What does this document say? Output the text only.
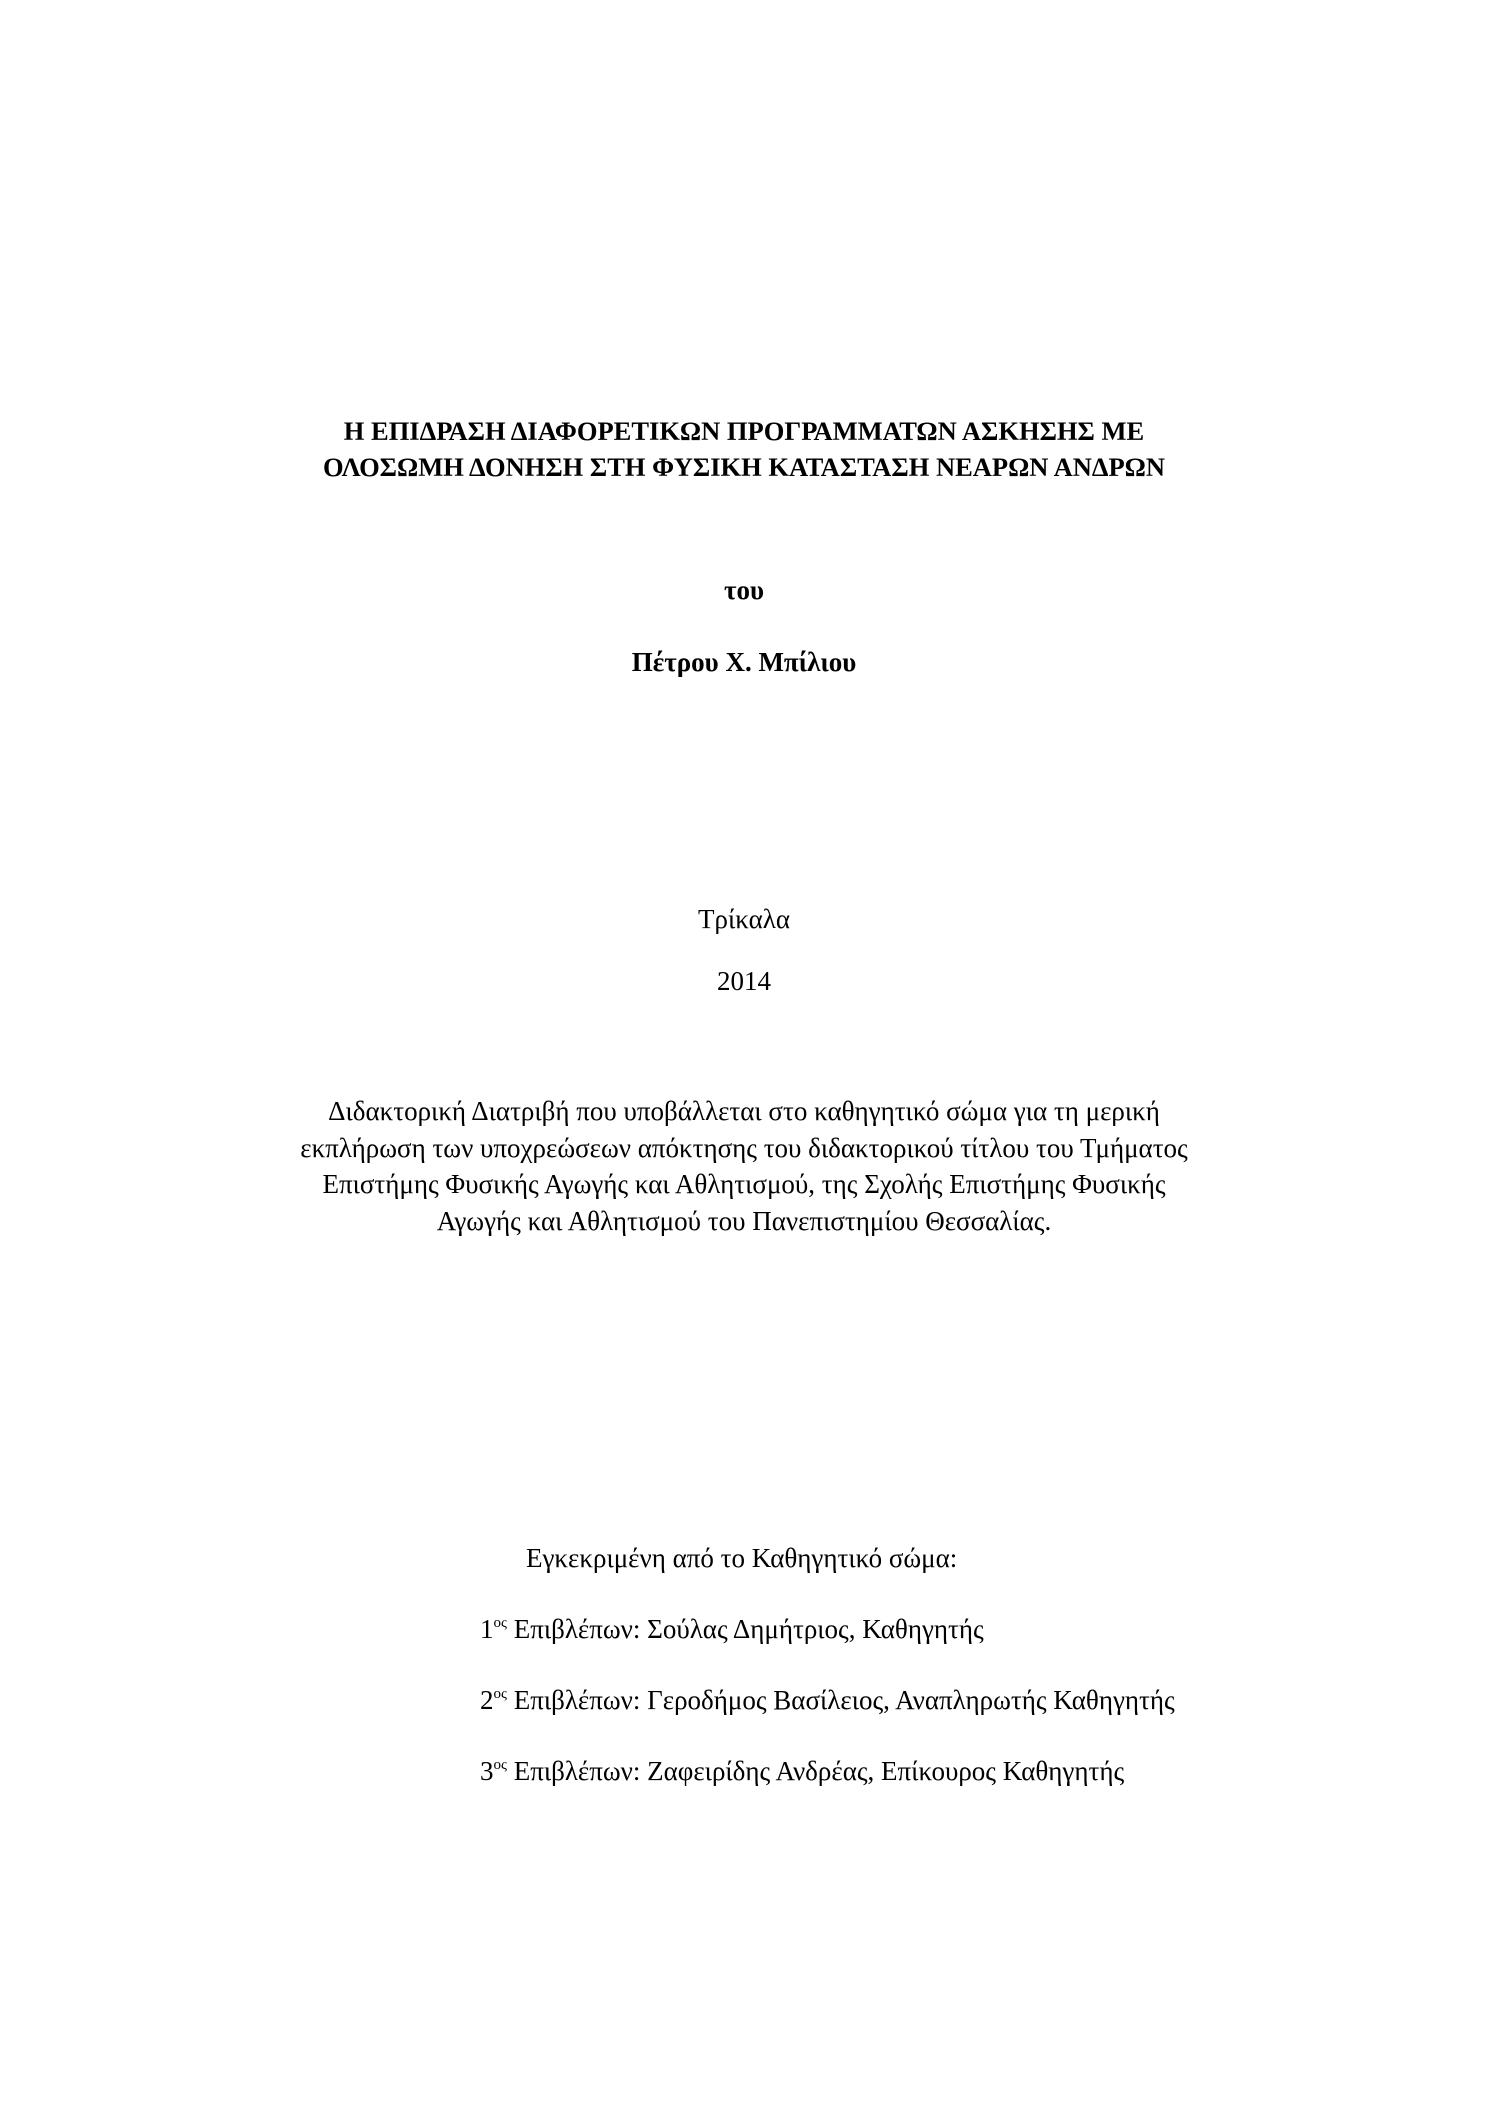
Η ΕΠΙΔΡΑΣΗ ΔΙΑΦΟΡΕΤΙΚΩΝ ΠΡΟΓΡΑΜΜΑΤΩΝ ΑΣΚΗΣΗΣ ΜΕ
ΟΛΟΣΩΜΗ ΔΟΝΗΣΗ ΣΤΗ ΦΥΣΙΚΗ ΚΑΤΑΣΤΑΣΗ ΝΕΑΡΩΝ ΑΝΔΡΩΝ
του
Πέτρου Χ. Μπίλιου
Τρίκαλα
2014
Διδακτορική Διατριβή που υποβάλλεται στο καθηγητικό σώμα για τη μερική
εκπλήρωση των υποχρεώσεων απόκτησης του διδακτορικού τίτλου του Τμήματος
Επιστήμης Φυσικής Αγωγής και Αθλητισμού, της Σχολής Επιστήμης Φυσικής
Αγωγής και Αθλητισμού του Πανεπιστημίου Θεσσαλίας.
Εγκεκριμένη από το Καθηγητικό σώμα:
$1^{o\varsigma}$ Επιβλέπων: Σούλας Δημήτριος, Καθηγητής
$2^{o\varsigma}$ Επιβλέπων: Γεροδήμος Βασίλειος, Αναπληρωτής Καθηγητής
$3^{o\varsigma}$ Επιβλέπων: Ζαφειρίδης Ανδρέας, Επίκουρος Καθηγητής
